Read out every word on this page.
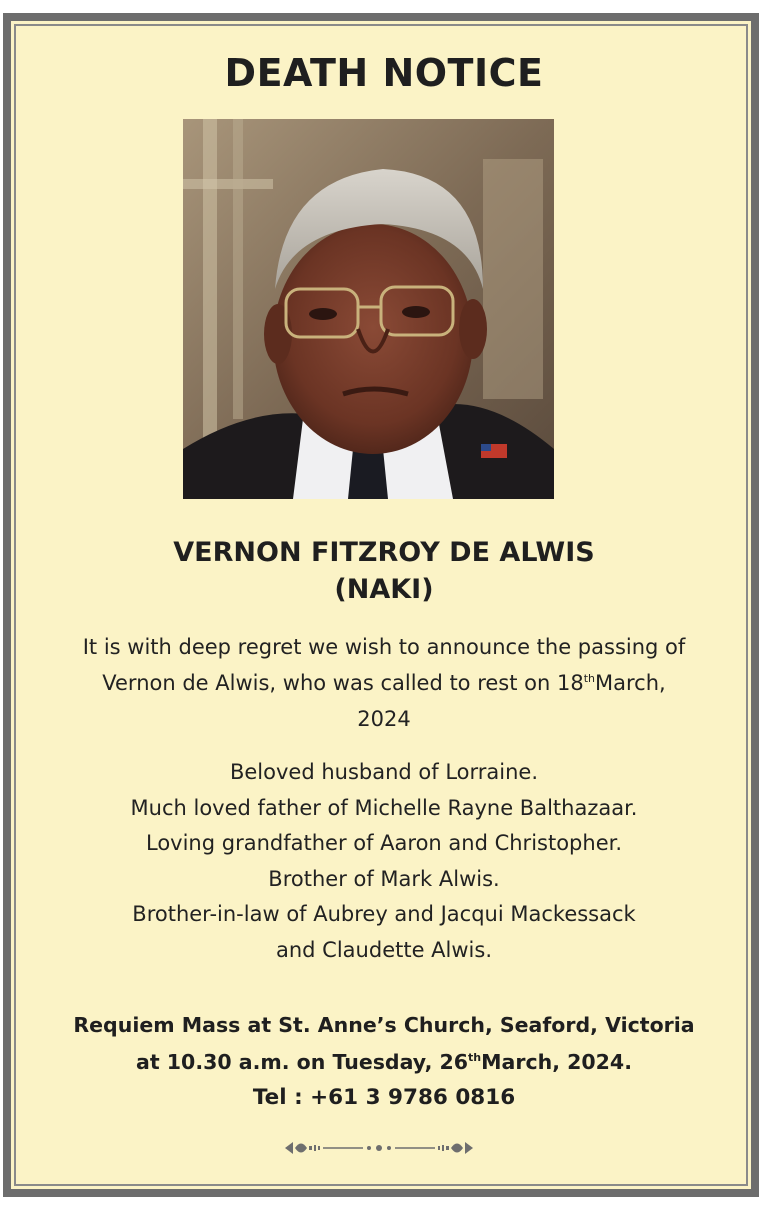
DEATH NOTICE
VERNON FITZROY DE ALWIS
(NAKI)
It is with deep regret we wish to announce the passing of
Vernon de Alwis, who was called to rest on 18thMarch,
2024
Beloved husband of Lorraine.
Much loved father of Michelle Rayne Balthazaar.
Loving grandfather of Aaron and Christopher.
Brother of Mark Alwis.
Brother-in-law of Aubrey and Jacqui Mackessack
and Claudette Alwis.
Requiem Mass at St. Anne’s Church, Seaford, Victoria
at 10.30 a.m. on Tuesday, 26thMarch, 2024.
Tel : +61 3 9786 0816
